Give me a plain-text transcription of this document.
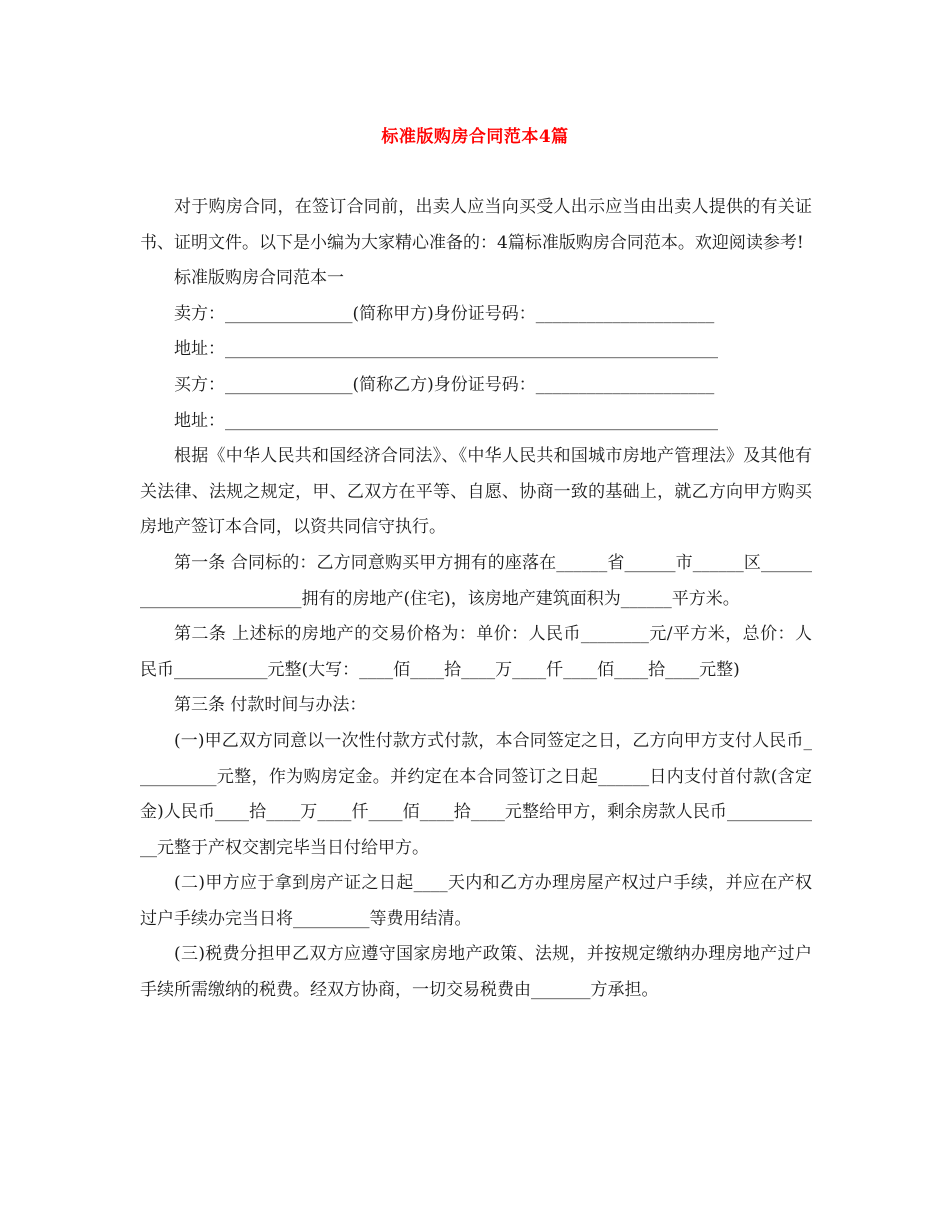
标准版购房合同范本4篇

对于购房合同，在签订合同前，出卖人应当向买受人出示应当由出卖人提供的有关证书、证明文件。以下是小编为大家精心准备的：4篇标准版购房合同范本。欢迎阅读参考!

标准版购房合同范本一

卖方：_______________(简称甲方)身份证号码：_____________________

地址：__________________________________________________________

买方：_______________(简称乙方)身份证号码：_____________________

地址：__________________________________________________________

根据《中华人民共和国经济合同法》、《中华人民共和国城市房地产管理法》及其他有关法律、法规之规定，甲、乙双方在平等、自愿、协商一致的基础上，就乙方向甲方购买房地产签订本合同，以资共同信守执行。

第一条 合同标的：乙方同意购买甲方拥有的座落在______省______市______区_________________________拥有的房地产(住宅)，该房地产建筑面积为______平方米。

第二条 上述标的房地产的交易价格为：单价：人民币________元/平方米，总价：人民币___________元整(大写：____佰____拾____万____仟____佰____拾____元整)

第三条 付款时间与办法：

(一)甲乙双方同意以一次性付款方式付款，本合同签定之日，乙方向甲方支付人民币__________元整，作为购房定金。并约定在本合同签订之日起______日内支付首付款(含定金)人民币____拾____万____仟____佰____拾____元整给甲方，剩余房款人民币____________元整于产权交割完毕当日付给甲方。

(二)甲方应于拿到房产证之日起____天内和乙方办理房屋产权过户手续，并应在产权过户手续办完当日将_________等费用结清。

(三)税费分担甲乙双方应遵守国家房地产政策、法规，并按规定缴纳办理房地产过户手续所需缴纳的税费。经双方协商，一切交易税费由_______方承担。
